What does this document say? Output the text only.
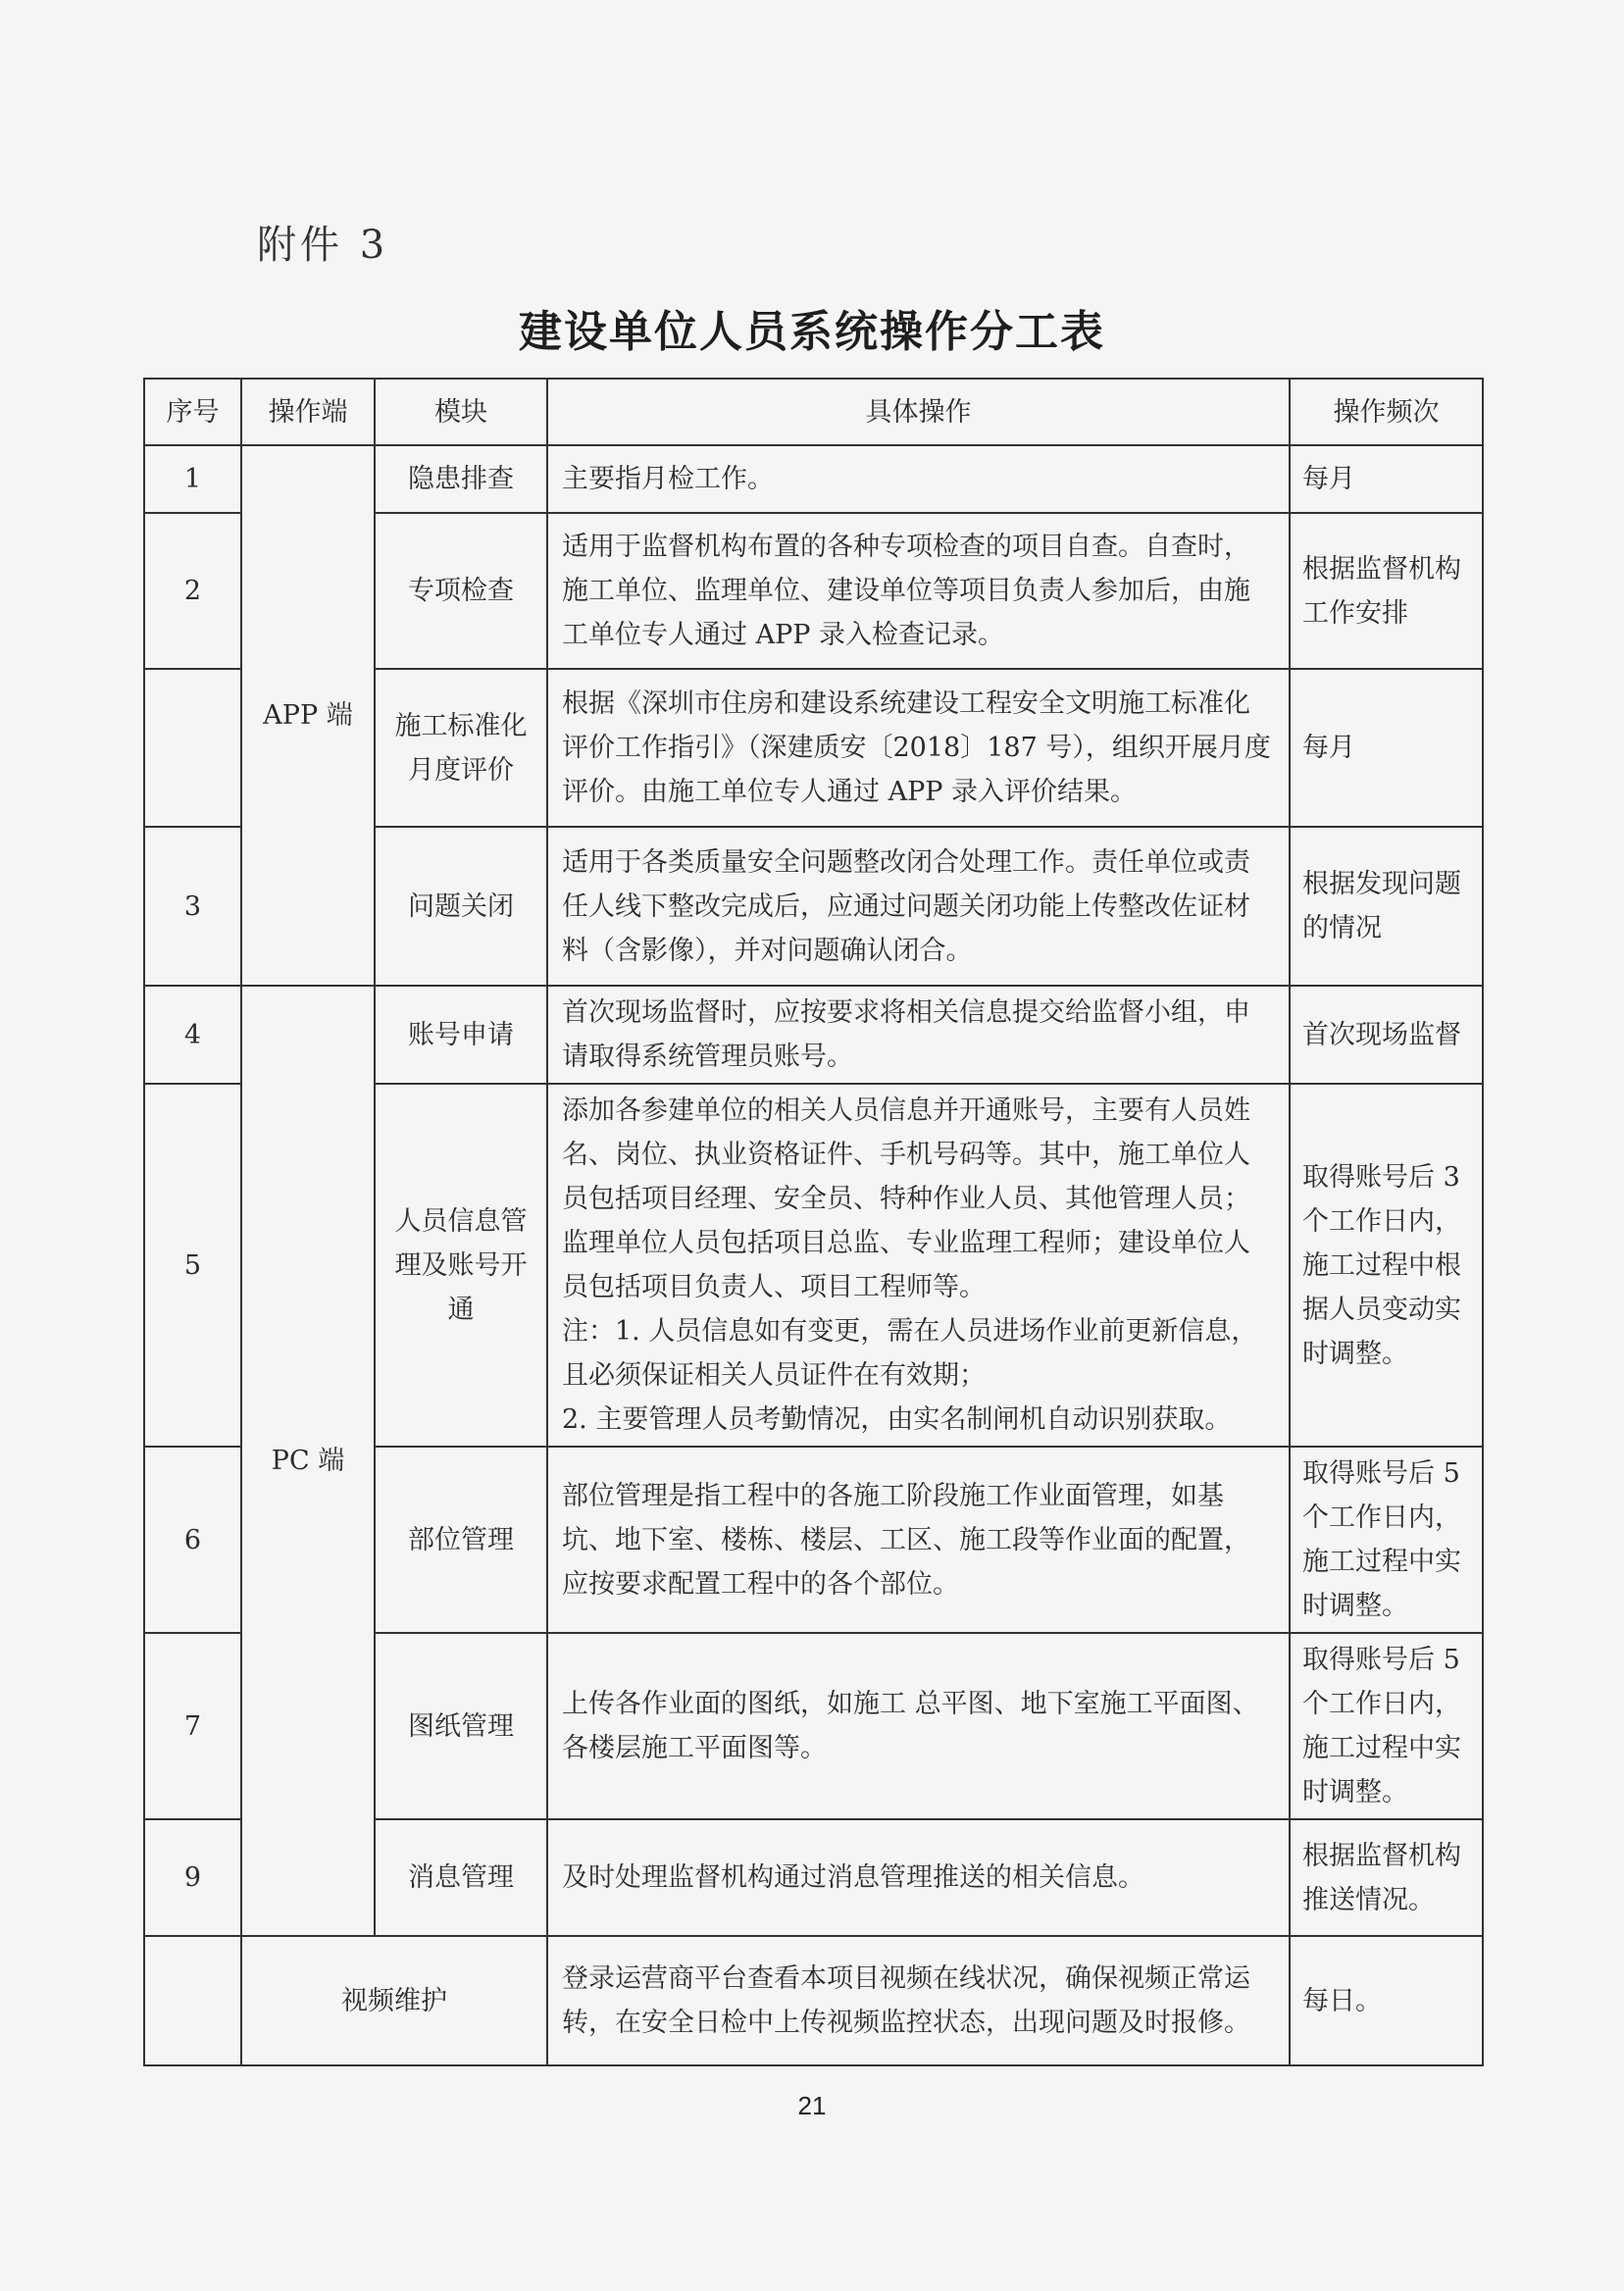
附件 3
建设单位人员系统操作分工表
序号	操作端	模块	具体操作	操作频次
1	APP 端	隐患排查	主要指月检工作。	每月
2		专项检查	适用于监督机构布置的各种专项检查的项目自查。自查时，施工单位、监理单位、建设单位等项目负责人参加后，由施工单位专人通过 APP 录入检查记录。	根据监督机构工作安排
		施工标准化月度评价	根据《深圳市住房和建设系统建设工程安全文明施工标准化评价工作指引》（深建质安〔2018〕187 号），组织开展月度评价。由施工单位专人通过 APP 录入评价结果。	每月
3		问题关闭	适用于各类质量安全问题整改闭合处理工作。责任单位或责任人线下整改完成后，应通过问题关闭功能上传整改佐证材料（含影像），并对问题确认闭合。	根据发现问题的情况
4	PC 端	账号申请	首次现场监督时，应按要求将相关信息提交给监督小组，申请取得系统管理员账号。	首次现场监督
5		人员信息管理及账号开通	添加各参建单位的相关人员信息并开通账号，主要有人员姓名、岗位、执业资格证件、手机号码等。其中，施工单位人员包括项目经理、安全员、特种作业人员、其他管理人员；监理单位人员包括项目总监、专业监理工程师；建设单位人员包括项目负责人、项目工程师等。
注：1. 人员信息如有变更，需在人员进场作业前更新信息，且必须保证相关人员证件在有效期；
2. 主要管理人员考勤情况，由实名制闸机自动识别获取。	取得账号后 3 个工作日内，施工过程中根据人员变动实时调整。
6		部位管理	部位管理是指工程中的各施工阶段施工作业面管理，如基坑、地下室、楼栋、楼层、工区、施工段等作业面的配置，应按要求配置工程中的各个部位。	取得账号后 5 个工作日内，施工过程中实时调整。
7		图纸管理	上传各作业面的图纸，如施工 总平图、地下室施工平面图、各楼层施工平面图等。	取得账号后 5 个工作日内，施工过程中实时调整。
9		消息管理	及时处理监督机构通过消息管理推送的相关信息。	根据监督机构推送情况。
	视频维护		登录运营商平台查看本项目视频在线状况，确保视频正常运转，在安全日检中上传视频监控状态，出现问题及时报修。	每日。
21
